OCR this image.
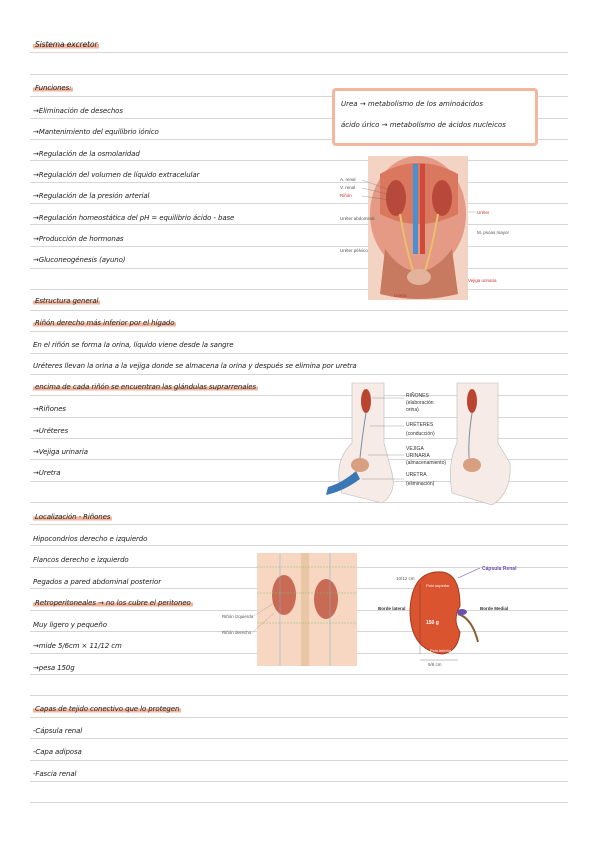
Sistema excretor
Funciones:
→Eliminación de desechos
→Mantenimiento del equilibrio iónico
→Regulación de la osmolaridad
→Regulación del volumen de líquido extracelular
→Regulación de la presión arterial
→Regulación homeostática del pH = equilibrio ácido - base
→Producción de hormonas
→Gluconeogénesis (ayuno)
Urea → metabolismo de los aminoácidos
ácido úrico → metabolismo de ácidos nucleicos
A. renal
V. renal
Riñón
Uréter abdominal
Uréter pélvico
Uréter
M. psoas mayor
Vejiga urinaria
Uretra
Estructura general
Riñón derecho más inferior por el hígado
En el riñón se forma la orina, líquido viene desde la sangre
Uréteres llevan la orina a la vejiga donde se almacena la orina y después se elimina por uretra
encima de cada riñón se encuentran las glándulas suprarrenales
→Riñones
→Uréteres
→Vejiga urinaria
→Uretra
RIÑONES
(elaboración
orina)
URÉTERES
(conducción)
VEJIGA
URINARIA
(almacenamiento)
URETRA
(eliminación)
Localización - Riñones
Hipocondrios derecho e izquierdo
Flancos derecho e izquierdo
Pegados a pared abdominal posterior
Retroperitoneales → no los cubre el peritoneo
Muy ligero y pequeño
→mide 5/6cm × 11/12 cm
→pesa 150g
Riñón izquierdo
Riñón derecho
Cápsula Renal
10/12 cm
Polo superior
Borde lateral	Borde Medial
150 g
Polo inferior
5/6 cm
Capas de tejido conectivo que lo protegen
-Cápsula renal
-Capa adiposa
-Fascia renal
